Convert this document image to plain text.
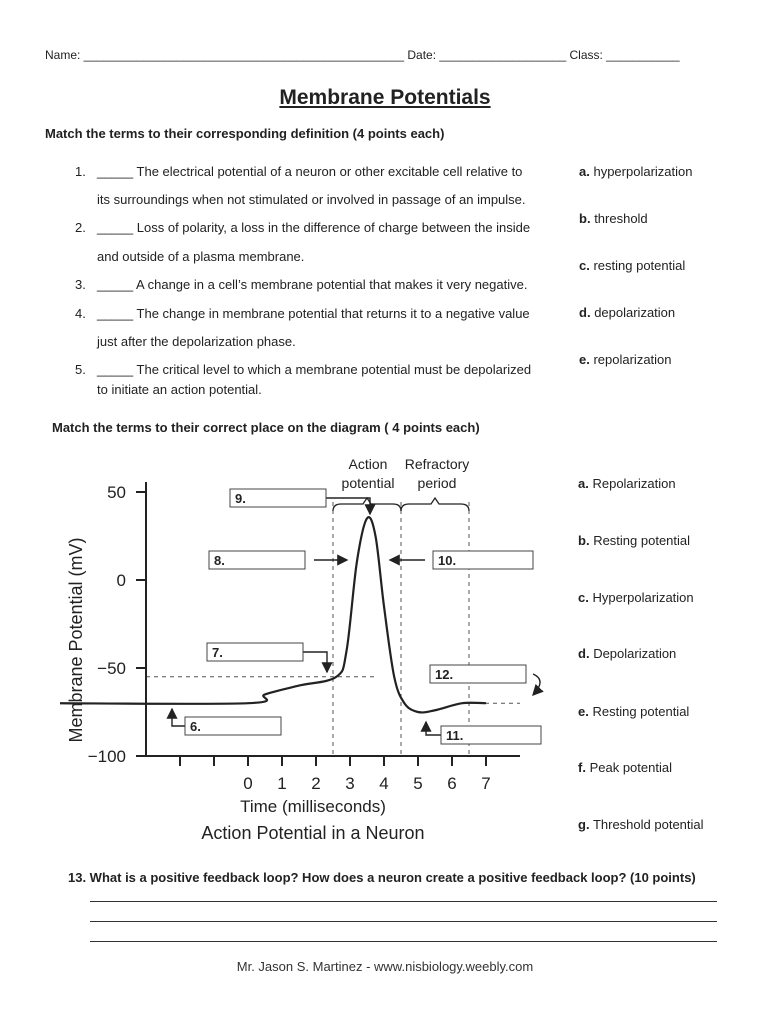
Name: ________________________________________________ Date: ___________________ Class: ___________
Membrane Potentials
Match the terms to their corresponding definition (4 points each)
1. _____ The electrical potential of a neuron or other excitable cell relative to
its surroundings when not stimulated or involved in passage of an impulse.
2. _____ Loss of polarity, a loss in the difference of charge between the inside
and outside of a plasma membrane.
3. _____ A change in a cell’s membrane potential that makes it very negative.
4. _____ The change in membrane potential that returns it to a negative value
just after the depolarization phase.
5. _____ The critical level to which a membrane potential must be depolarized
to initiate an action potential.
a. hyperpolarization
b. threshold
c. resting potential
d. depolarization
e. repolarization
Match the terms to their correct place on the diagram ( 4 points each)
50
0
−50
−100
0 1 2 3 4 5 6 7
9.
8.	10.
7.
12.
6.
11.
Membrane Potential (mV)
Time (milliseconds)
Action Potential in a Neuron
Action
potential
Refractory
period	a. Repolarization
b. Resting potential
c. Hyperpolarization
d. Depolarization
e. Resting potential
f. Peak potential
g. Threshold potential
13. What is a positive feedback loop? How does a neuron create a positive feedback loop? (10 points)
Mr. Jason S. Martinez - www.nisbiology.weebly.com
